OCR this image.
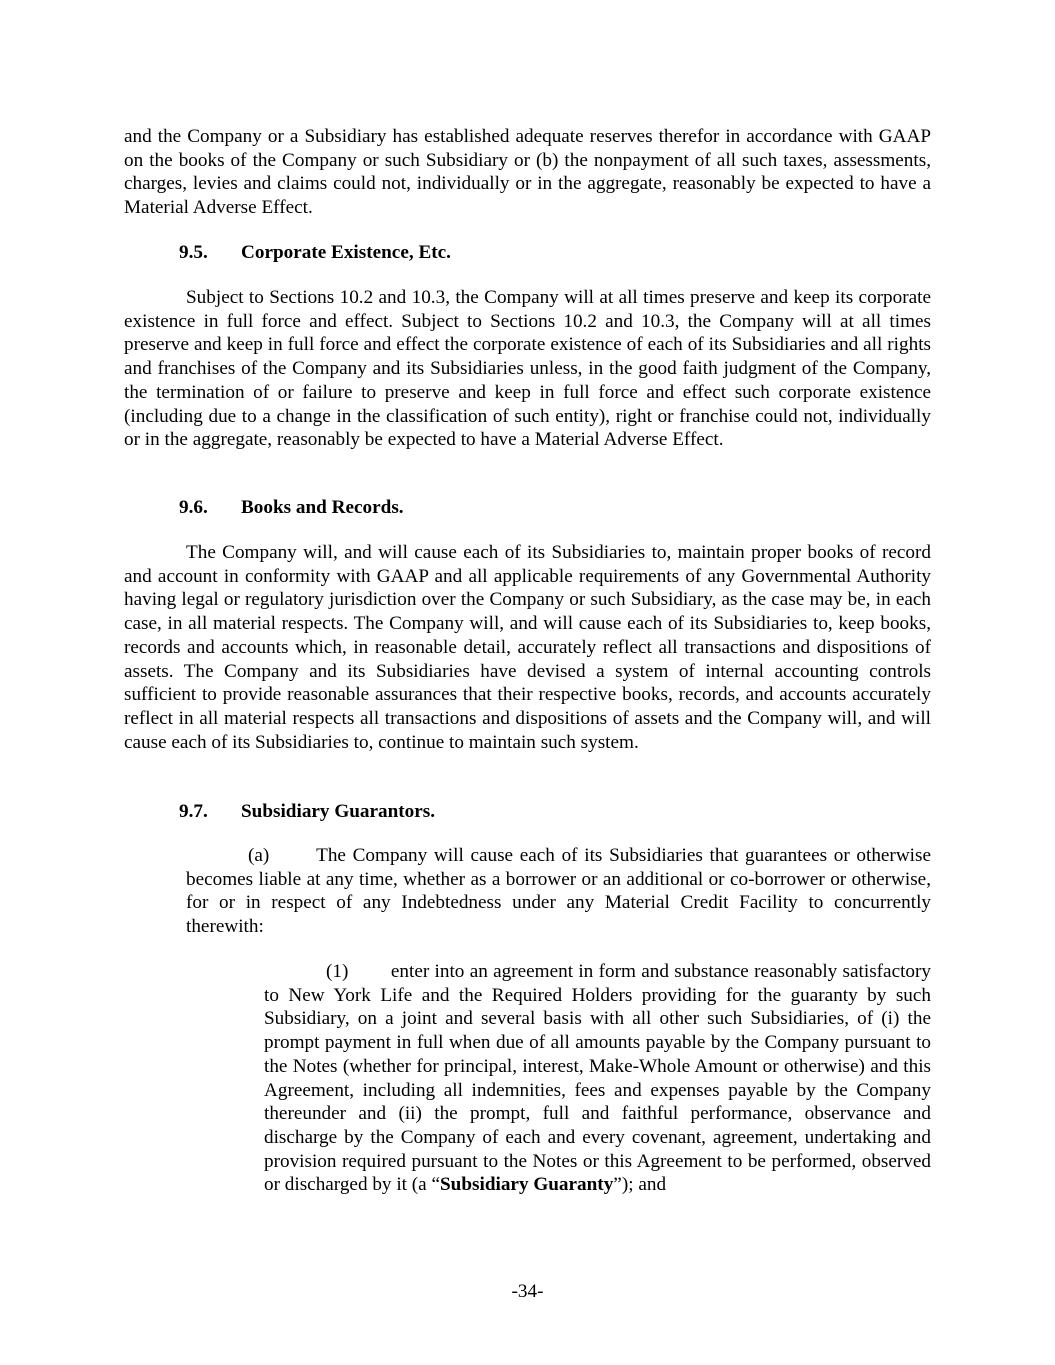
and the Company or a Subsidiary has established adequate reserves therefor in accordance with GAAP on the books of the Company or such Subsidiary or (b) the nonpayment of all such taxes, assessments, charges, levies and claims could not, individually or in the aggregate, reasonably be expected to have a Material Adverse Effect.

9.5. Corporate Existence, Etc.

Subject to Sections 10.2 and 10.3, the Company will at all times preserve and keep its corporate existence in full force and effect. Subject to Sections 10.2 and 10.3, the Company will at all times preserve and keep in full force and effect the corporate existence of each of its Subsidiaries and all rights and franchises of the Company and its Subsidiaries unless, in the good faith judgment of the Company, the termination of or failure to preserve and keep in full force and effect such corporate existence (including due to a change in the classification of such entity), right or franchise could not, individually or in the aggregate, reasonably be expected to have a Material Adverse Effect.

9.6. Books and Records.

The Company will, and will cause each of its Subsidiaries to, maintain proper books of record and account in conformity with GAAP and all applicable requirements of any Governmental Authority having legal or regulatory jurisdiction over the Company or such Subsidiary, as the case may be, in each case, in all material respects. The Company will, and will cause each of its Subsidiaries to, keep books, records and accounts which, in reasonable detail, accurately reflect all transactions and dispositions of assets. The Company and its Subsidiaries have devised a system of internal accounting controls sufficient to provide reasonable assurances that their respective books, records, and accounts accurately reflect in all material respects all transactions and dispositions of assets and the Company will, and will cause each of its Subsidiaries to, continue to maintain such system.

9.7. Subsidiary Guarantors.

(a) The Company will cause each of its Subsidiaries that guarantees or otherwise becomes liable at any time, whether as a borrower or an additional or co-borrower or otherwise, for or in respect of any Indebtedness under any Material Credit Facility to concurrently therewith:

(1) enter into an agreement in form and substance reasonably satisfactory to New York Life and the Required Holders providing for the guaranty by such Subsidiary, on a joint and several basis with all other such Subsidiaries, of (i) the prompt payment in full when due of all amounts payable by the Company pursuant to the Notes (whether for principal, interest, Make-Whole Amount or otherwise) and this Agreement, including all indemnities, fees and expenses payable by the Company thereunder and (ii) the prompt, full and faithful performance, observance and discharge by the Company of each and every covenant, agreement, undertaking and provision required pursuant to the Notes or this Agreement to be performed, observed or discharged by it (a “Subsidiary Guaranty”); and

-34-
